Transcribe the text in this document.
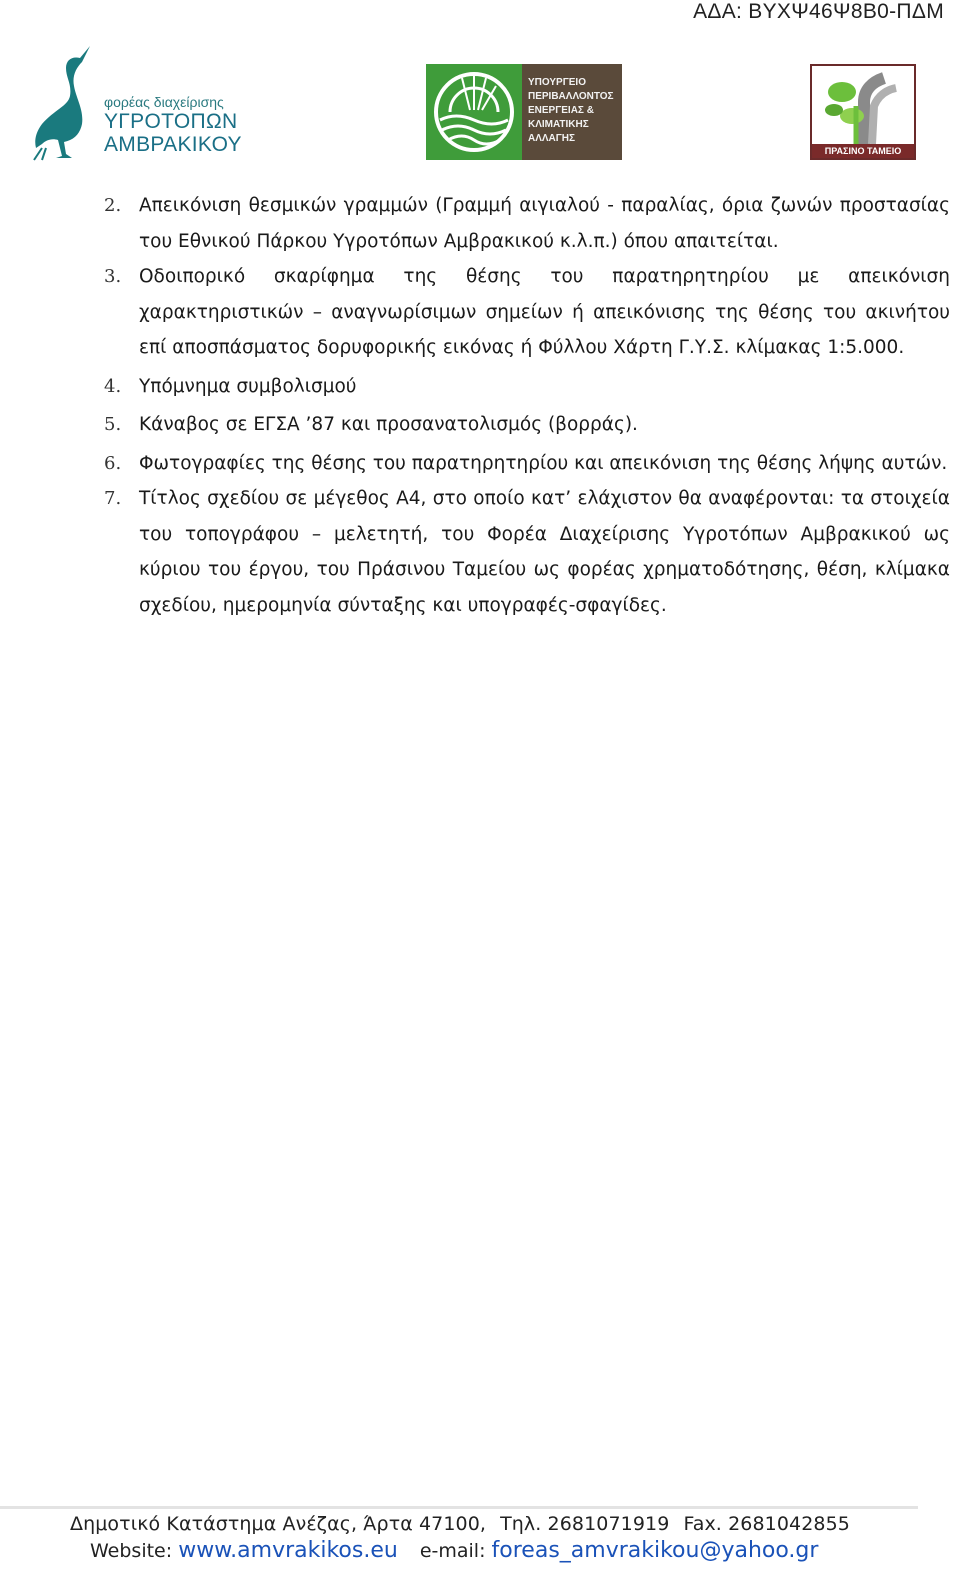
ΑΔΑ: ΒΥΧΨ46Ψ8Β0-ΠΔΜ
φορέας διαχείρισης
ΥΓΡΟΤΟΠΩΝ
ΑΜΒΡΑΚΙΚΟΥ
ΥΠΟΥΡΓΕΙΟ
ΠΕΡΙΒΑΛΛΟΝΤΟΣ
ΕΝΕΡΓΕΙΑΣ &
ΚΛΙΜΑΤΙΚΗΣ
ΑΛΛΑΓΗΣ
ΠΡΑΣΙΝΟ ΤΑΜΕΙΟ
2. Απεικόνιση θεσμικών γραμμών (Γραμμή αιγιαλού - παραλίας, όρια ζωνών προστασίας του Εθνικού Πάρκου Υγροτόπων Αμβρακικού κ.λ.π.) όπου απαιτείται.
3. Οδοιπορικό σκαρίφημα της θέσης του παρατηρητηρίου με απεικόνιση χαρακτηριστικών – αναγνωρίσιμων σημείων ή απεικόνισης της θέσης του ακινήτου επί αποσπάσματος δορυφορικής εικόνας ή Φύλλου Χάρτη Γ.Υ.Σ. κλίμακας 1:5.000.
4. Υπόμνημα συμβολισμού
5. Κάναβος σε ΕΓΣΑ ’87 και προσανατολισμός (βορράς).
6. Φωτογραφίες της θέσης του παρατηρητηρίου και απεικόνιση της θέσης λήψης αυτών.
7. Τίτλος σχεδίου σε μέγεθος Α4, στο οποίο κατ’ ελάχιστον θα αναφέρονται: τα στοιχεία του τοπογράφου – μελετητή, του Φορέα Διαχείρισης Υγροτόπων Αμβρακικού ως κύριου του έργου, του Πράσινου Ταμείου ως φορέας χρηματοδότησης, θέση, κλίμακα σχεδίου, ημερομηνία σύνταξης και υπογραφές-σφαγίδες.
Δημοτικό Κατάστημα Ανέζας, Άρτα 47100, Τηλ. 2681071919 Fax. 2681042855
Website: www.amvrakikos.eu e-mail: foreas_amvrakikou@yahoo.gr
